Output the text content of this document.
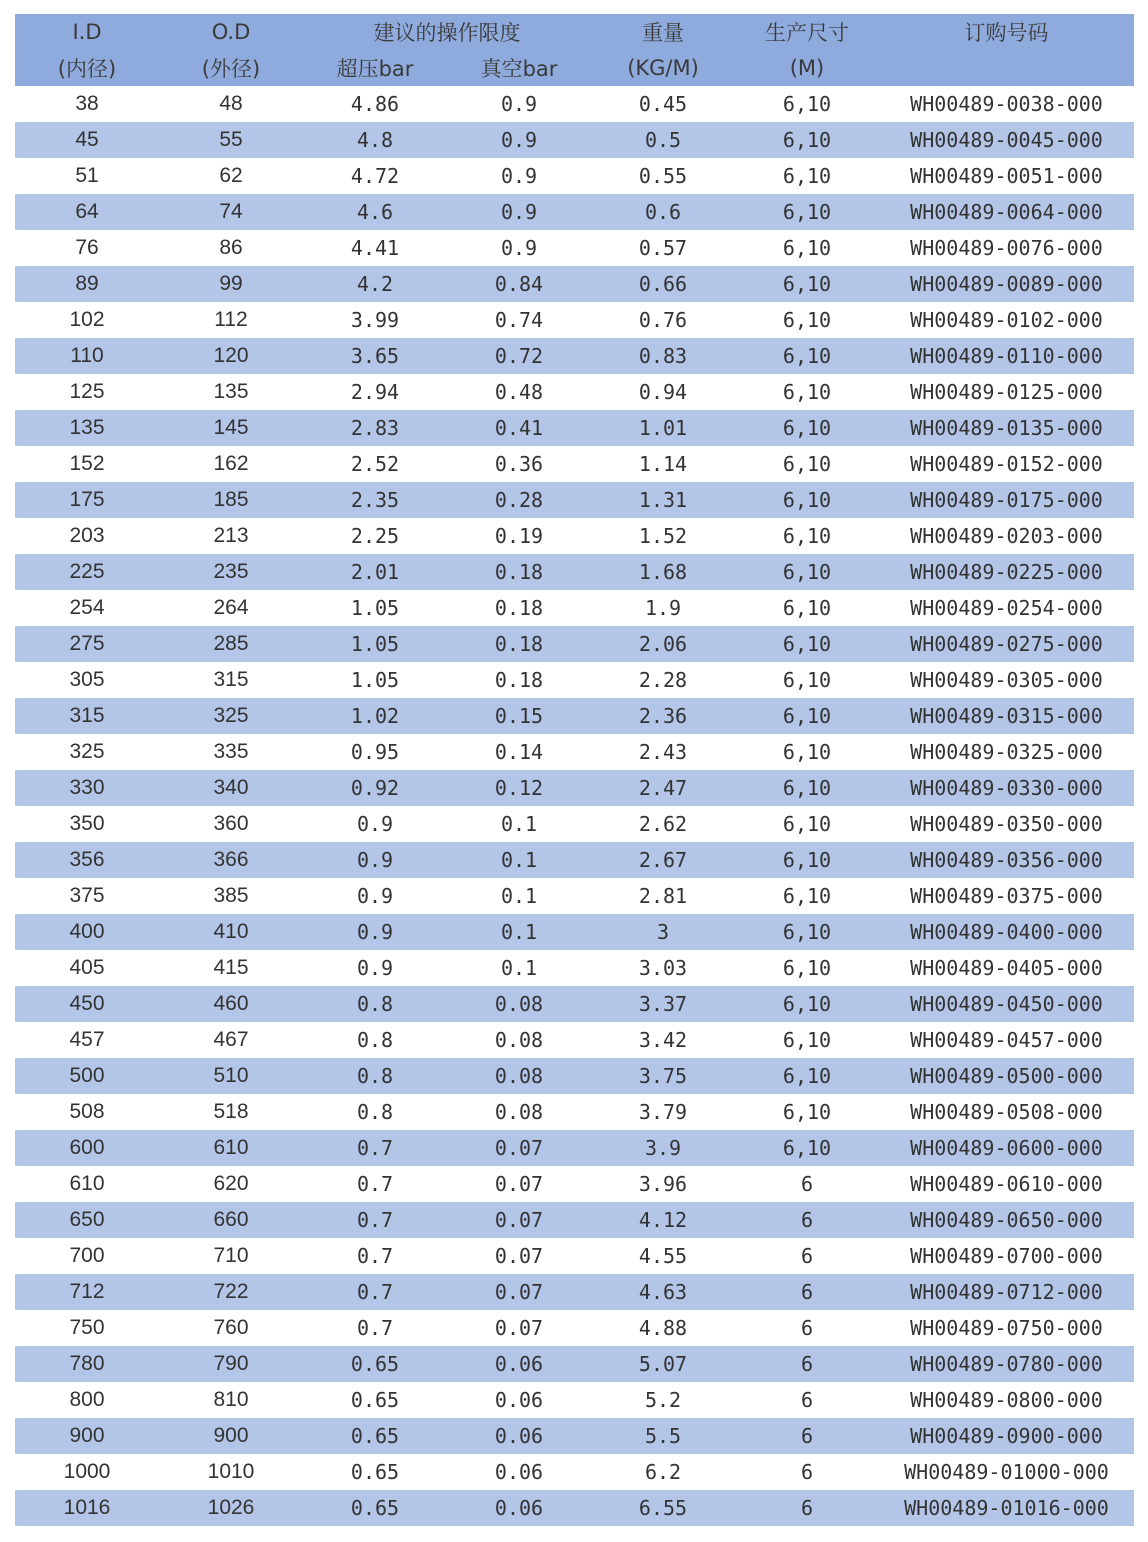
I.D	O.D	建议的操作限度		重量	生产尺寸	订购号码
(内径)	(外径)	超压bar	真空bar	(KG/M)	(M)	
38	48	4.86	0.9	0.45	6,10	WH00489-0038-000
45	55	4.8	0.9	0.5	6,10	WH00489-0045-000
51	62	4.72	0.9	0.55	6,10	WH00489-0051-000
64	74	4.6	0.9	0.6	6,10	WH00489-0064-000
76	86	4.41	0.9	0.57	6,10	WH00489-0076-000
89	99	4.2	0.84	0.66	6,10	WH00489-0089-000
102	112	3.99	0.74	0.76	6,10	WH00489-0102-000
110	120	3.65	0.72	0.83	6,10	WH00489-0110-000
125	135	2.94	0.48	0.94	6,10	WH00489-0125-000
135	145	2.83	0.41	1.01	6,10	WH00489-0135-000
152	162	2.52	0.36	1.14	6,10	WH00489-0152-000
175	185	2.35	0.28	1.31	6,10	WH00489-0175-000
203	213	2.25	0.19	1.52	6,10	WH00489-0203-000
225	235	2.01	0.18	1.68	6,10	WH00489-0225-000
254	264	1.05	0.18	1.9	6,10	WH00489-0254-000
275	285	1.05	0.18	2.06	6,10	WH00489-0275-000
305	315	1.05	0.18	2.28	6,10	WH00489-0305-000
315	325	1.02	0.15	2.36	6,10	WH00489-0315-000
325	335	0.95	0.14	2.43	6,10	WH00489-0325-000
330	340	0.92	0.12	2.47	6,10	WH00489-0330-000
350	360	0.9	0.1	2.62	6,10	WH00489-0350-000
356	366	0.9	0.1	2.67	6,10	WH00489-0356-000
375	385	0.9	0.1	2.81	6,10	WH00489-0375-000
400	410	0.9	0.1	3	6,10	WH00489-0400-000
405	415	0.9	0.1	3.03	6,10	WH00489-0405-000
450	460	0.8	0.08	3.37	6,10	WH00489-0450-000
457	467	0.8	0.08	3.42	6,10	WH00489-0457-000
500	510	0.8	0.08	3.75	6,10	WH00489-0500-000
508	518	0.8	0.08	3.79	6,10	WH00489-0508-000
600	610	0.7	0.07	3.9	6,10	WH00489-0600-000
610	620	0.7	0.07	3.96	6	WH00489-0610-000
650	660	0.7	0.07	4.12	6	WH00489-0650-000
700	710	0.7	0.07	4.55	6	WH00489-0700-000
712	722	0.7	0.07	4.63	6	WH00489-0712-000
750	760	0.7	0.07	4.88	6	WH00489-0750-000
780	790	0.65	0.06	5.07	6	WH00489-0780-000
800	810	0.65	0.06	5.2	6	WH00489-0800-000
900	900	0.65	0.06	5.5	6	WH00489-0900-000
1000	1010	0.65	0.06	6.2	6	WH00489-01000-000
1016	1026	0.65	0.06	6.55	6	WH00489-01016-000
